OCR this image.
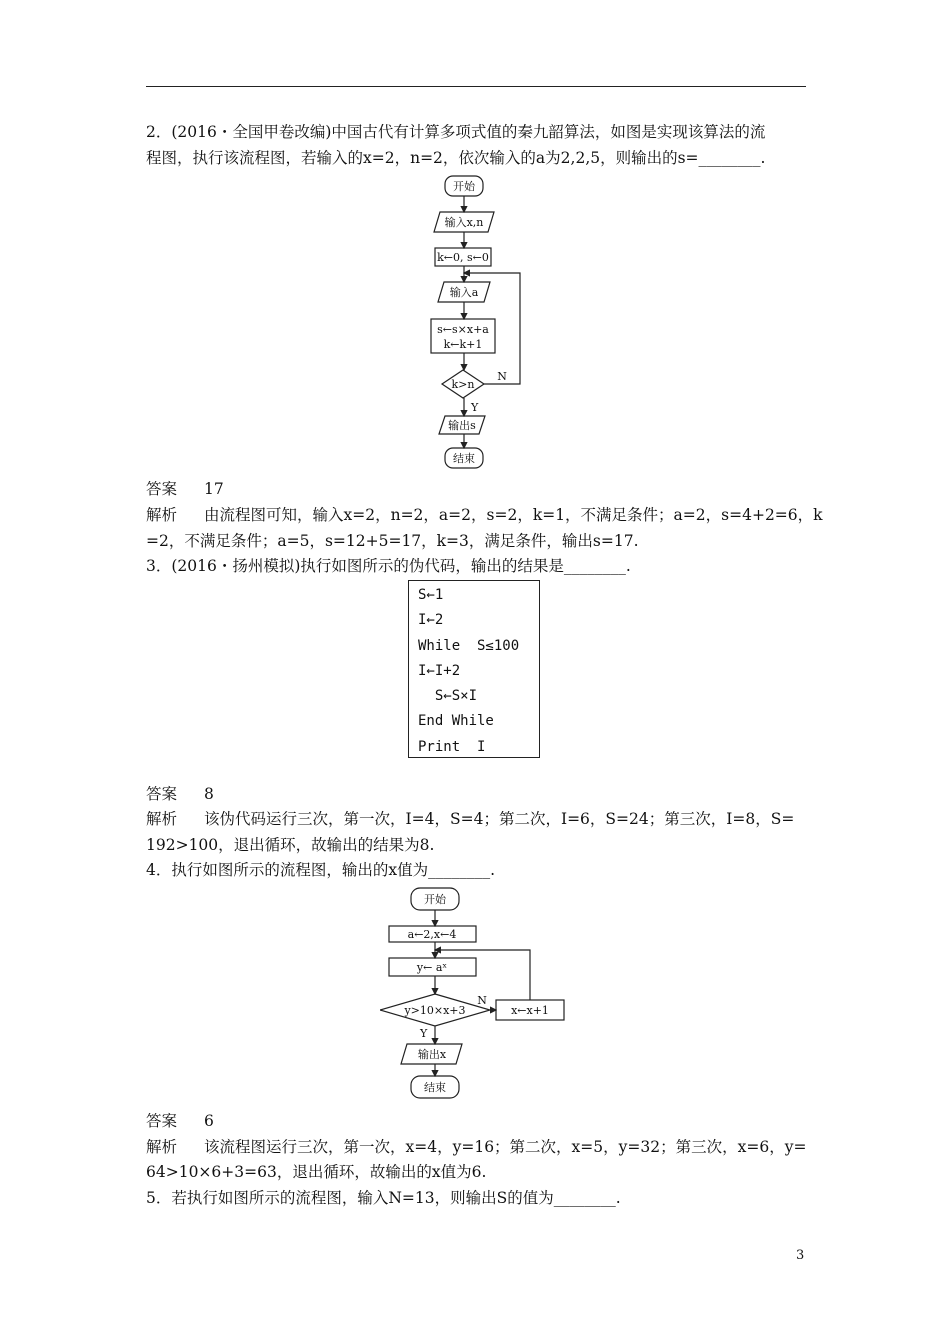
2．(2016・全国甲卷改编)中国古代有计算多项式值的秦九韶算法，如图是实现该算法的流
程图，执行该流程图，若输入的x=2，n=2，依次输入的a为2,2,5，则输出的s=________.
开始
输入x,n
k←0, s←0
输入a
s←s×x+a
k←k+1
k>n
N
Y
输出s
结束
答案 17
解析 由流程图可知，输入x=2，n=2，a=2，s=2，k=1，不满足条件；a=2，s=4+2=6，k
=2，不满足条件；a=5，s=12+5=17，k=3，满足条件，输出s=17.
3．(2016・扬州模拟)执行如图所示的伪代码，输出的结果是________.
S←1
I←2
While  S≤100
I←I+2
S←S×I
End While
Print  I
答案 8
解析 该伪代码运行三次，第一次，I=4，S=4；第二次，I=6，S=24；第三次，I=8，S=
192>100，退出循环，故输出的结果为8.
4．执行如图所示的流程图，输出的x值为________.
开始
a←2,x←4
y← aˣ
y>10×x+3
N
x←x+1
Y
输出x
结束
答案 6
解析 该流程图运行三次，第一次，x=4，y=16；第二次，x=5，y=32；第三次，x=6，y=
64>10×6+3=63，退出循环，故输出的x值为6.
5．若执行如图所示的流程图，输入N=13，则输出S的值为________.
3
